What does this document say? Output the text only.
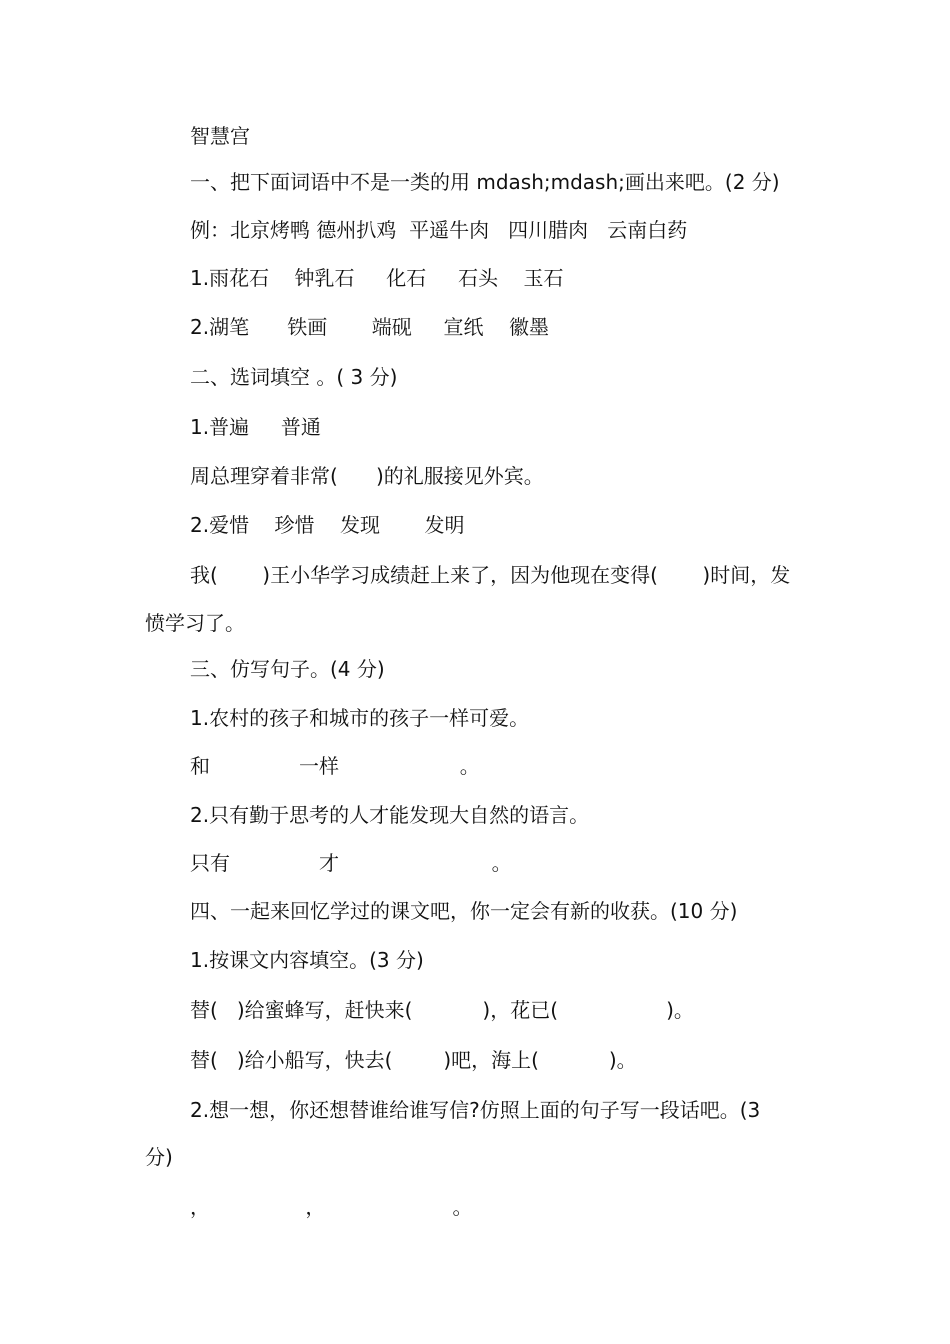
智慧宫
一、把下面词语中不是一类的用 mdash;mdash;画出来吧。(2 分)
例：北京烤鸭 德州扒鸡  平遥牛肉   四川腊肉   云南白药
1.雨花石    钟乳石     化石     石头    玉石
2.湖笔      铁画       端砚     宣纸    徽墨
二、选词填空 。( 3 分)
1.普遍     普通
周总理穿着非常(      )的礼服接见外宾。
2.爱惜    珍惜    发现       发明
我(       )王小华学习成绩赶上来了，因为他现在变得(       )时间，发
愤学习了。
三、仿写句子。(4 分)
1.农村的孩子和城市的孩子一样可爱。
和              一样                   。
2.只有勤于思考的人才能发现大自然的语言。
只有              才                        。
四、一起来回忆学过的课文吧，你一定会有新的收获。(10 分)
1.按课文内容填空。(3 分)
替(   )给蜜蜂写，赶快来(           )，花已(                 )。
替(   )给小船写，快去(        )吧，海上(           )。
2.想一想，你还想替谁给谁写信?仿照上面的句子写一段话吧。(3
分)
，               ，                    。
